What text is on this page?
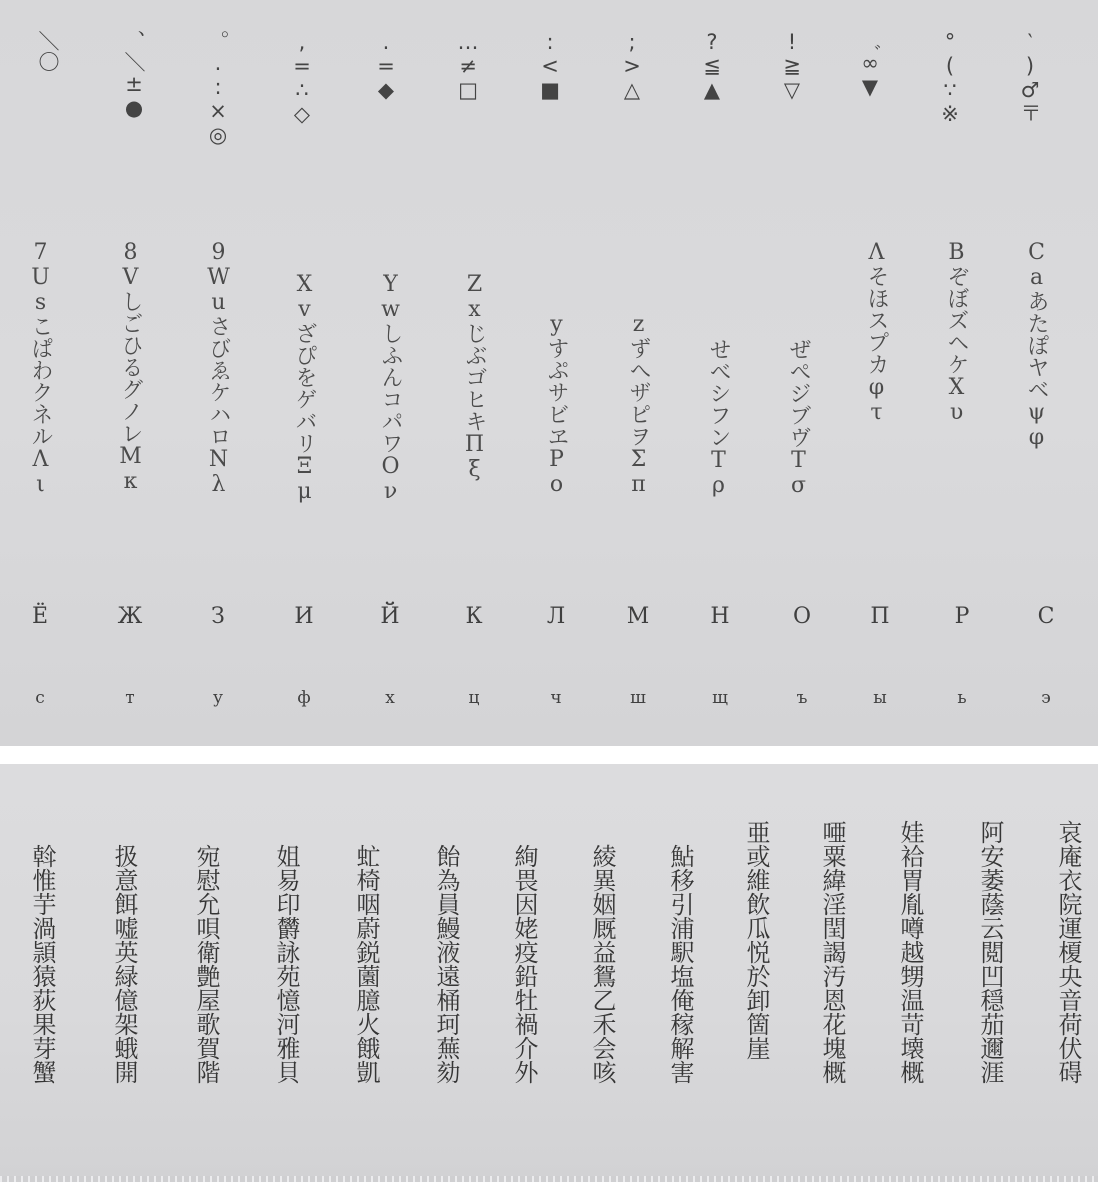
＼〇	、＼±●	。.:×◎	,=∴◇	.=◆	…≠□	:<■	;>△	?≦▲	!≧▽	゛∞▼	°(∵※	‵)♂〒
7UsこぱわクネルΛι	8VしごひるグノレMκ	9WuさびゑケハロNλ	XvざぴをゲバリΞμ	YwしふんコパワΟν	ZxじぶゴヒキΠξ	yすぷサビヱΡο	zずへザピヲΣπ	せべシフンΤρ	ぜぺジブヴΤσ	Λそほスプカφτ	BぞぼズヘケΧυ	Caあたぽヤベψφ
Ё	Ж	З	И	Й	К	Л	М	Н	О	П	Р	С
с	т	у	ф	х	ц	ч	ш	щ	ъ	ы	ь	э
斡惟芋渦頴猿荻果芽蟹	扱意餌嘘英緑億架蛾開	宛慰允唄衛艶屋歌賀階	姐易印欝詠苑憶河雅貝	虻椅咽蔚鋭薗臆火餓凱	飴為員鰻液遠桶珂蕪劾	絢畏因姥疫鉛牡禍介外	綾異姻厩益鴛乙禾会咳	鮎移引浦駅塩俺稼解害	亜或維飲瓜悦於卸箇崖	唖粟緯淫閏謁汚恩花塊概	娃袷胃胤噂越甥温苛壊概	阿安萎蔭云閲凹穏茄邇涯	哀庵衣院運榎央音荷伏碍
